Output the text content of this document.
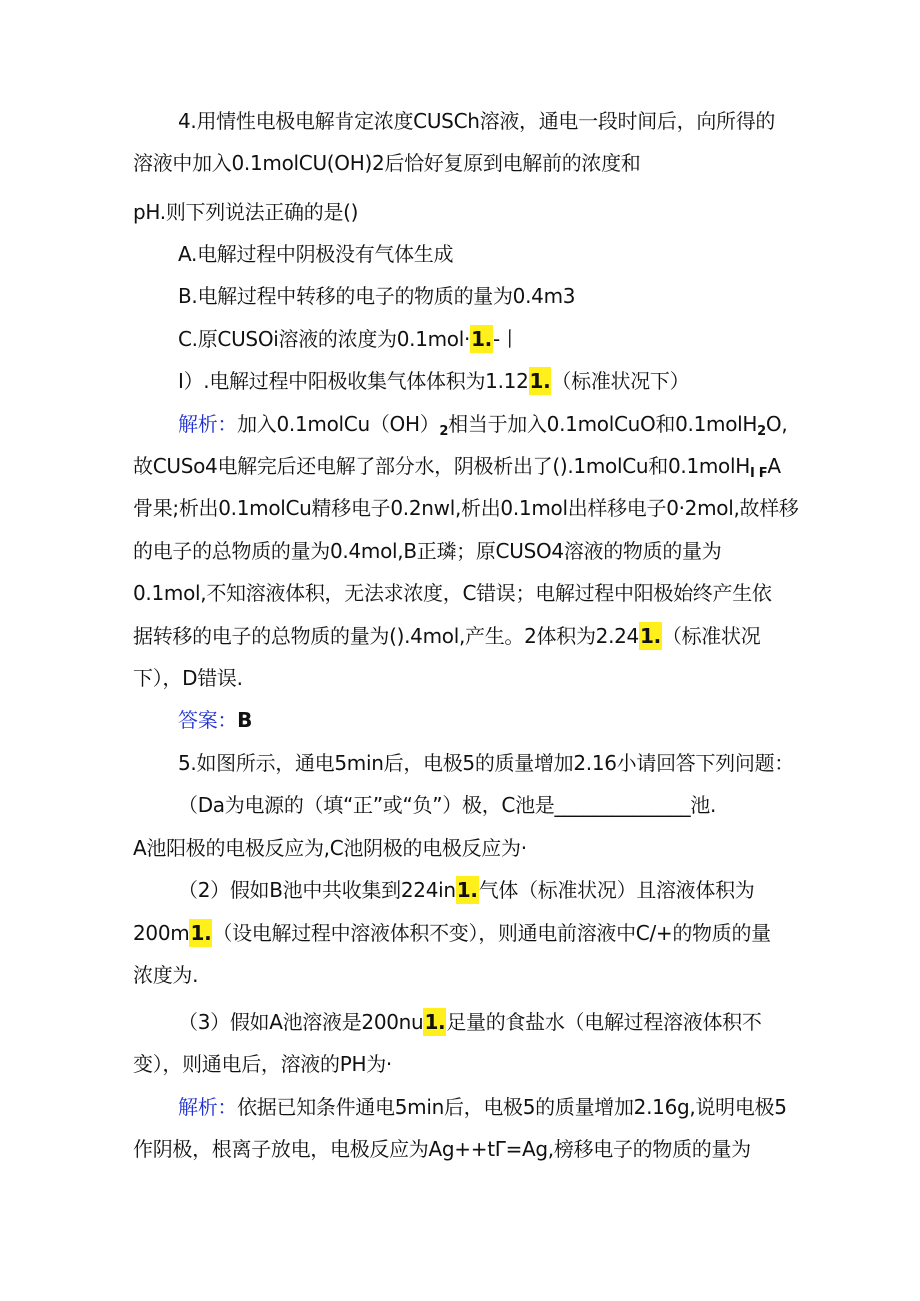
4.用情性电极电解肯定浓度CUSCh溶液，通电一段时间后，向所得的
溶液中加入0.1molCU(OH)2后恰好复原到电解前的浓度和
pH.则下列说法正确的是()
A.电解过程中阴极没有气体生成
B.电解过程中转移的电子的物质的量为0.4m3
C.原CUSOi溶液的浓度为0.1mol·1.-丨
I）.电解过程中阳极收集气体体积为1.121.（标准状况下）
解析：加入$0.1molCu(OH)_2$相当于加入0.1molCuO和0.1molH$_2$O,
故CUSo4电解完后还电解了部分水，阴极析出了().1molCu和0.1molH$_{I F}$A
骨果;析出0.1molCu精移电子0.2nwl,析出0.1mol出样移电子0·2mol,故样移
的电子的总物质的量为0.4mol,B正璘；原CUSO4溶液的物质的量为
0.1mol,不知溶液体积，无法求浓度，C错误；电解过程中阳极始终产生依
据转移的电子的总物质的量为().4mol,产生。2体积为2.241.（标准状况
下），D错误.
答案：B
5.如图所示，通电5min后，电极5的质量增加2.16小请回答下列问题：
（Da为电源的（填“正”或“负”）极，C池是______________池.
A池阳极的电极反应为,C池阴极的电极反应为·
（2）假如B池中共收集到224in1.气体（标准状况）且溶液体积为
200m1.（设电解过程中溶液体积不变），则通电前溶液中C/+的物质的量
浓度为.
（3）假如A池溶液是200nu1.足量的食盐水（电解过程溶液体积不
变），则通电后，溶液的PH为·
解析：依据已知条件通电5min后，电极5的质量增加2.16g,说明电极5
作阴极，根离子放电，电极反应为Ag++tΓ=Ag,榜移电子的物质的量为
